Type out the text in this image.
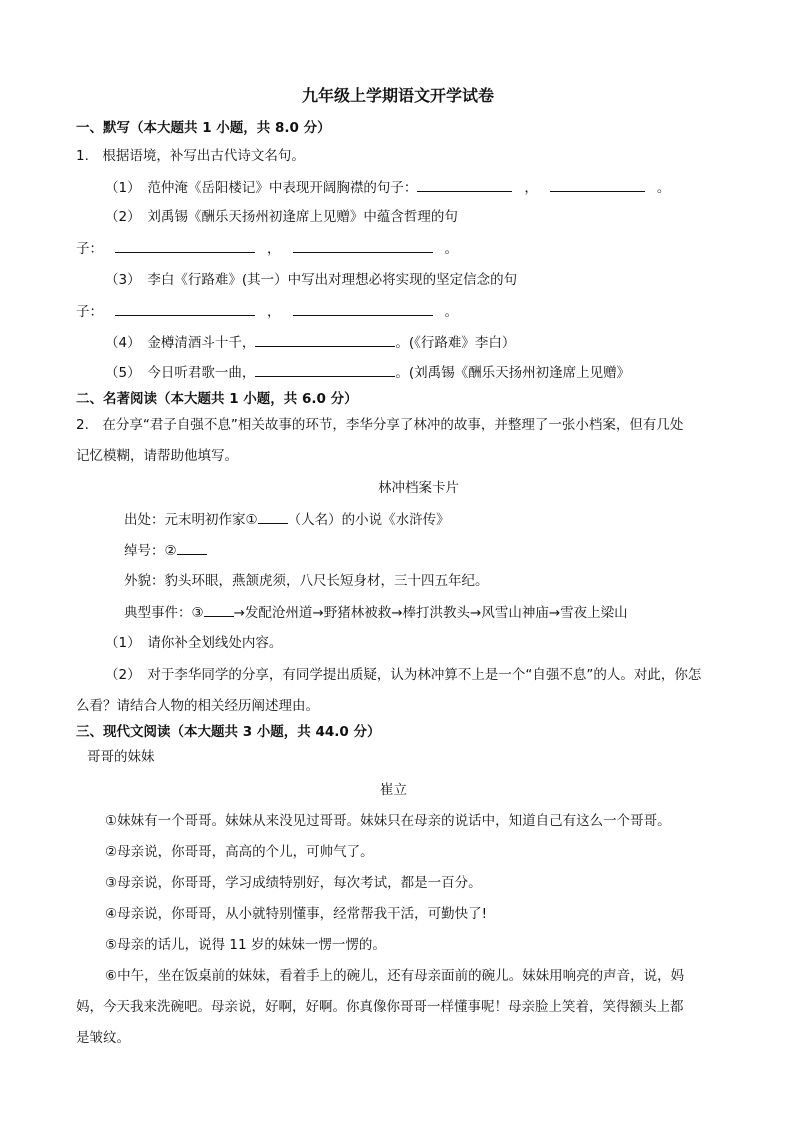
九年级上学期语文开学试卷
一、默写（本大题共 1 小题，共 8.0 分）
1.　根据语境，补写出古代诗文名句。
（1）　范仲淹《岳阳楼记》中表现开阔胸襟的句子：	，	。
（2）　刘禹锡《酬乐天扬州初逢席上见赠》中蕴含哲理的句
子：	，	。
（3）　李白《行路难》(其一）中写出对理想必将实现的坚定信念的句
子：	，	。
（4）　金樽清酒斗十千，	。(《行路难》李白）
（5）　今日听君歌一曲，	。(刘禹锡《酬乐天扬州初逢席上见赠》
二、名著阅读（本大题共 1 小题，共 6.0 分）
2.　在分享“君子自强不息”相关故事的环节，李华分享了林冲的故事，并整理了一张小档案，但有几处
记忆模糊，请帮助他填写。
林冲档案卡片
出处：元末明初作家① （人名）的小说《水浒传》
绰号：②
外貌：豹头环眼，燕颔虎须，八尺长短身材，三十四五年纪。
典型事件：③ →发配沧州道→野猪林被救→棒打洪教头→风雪山神庙→雪夜上梁山
（1）　请你补全划线处内容。
（2）　对于李华同学的分享，有同学提出质疑，认为林冲算不上是一个“自强不息”的人。对此，你怎
么看？请结合人物的相关经历阐述理由。
三、现代文阅读（本大题共 3 小题，共 44.0 分）
哥哥的妹妹
崔立
①妹妹有一个哥哥。妹妹从来没见过哥哥。妹妹只在母亲的说话中，知道自己有这么一个哥哥。
②母亲说，你哥哥，高高的个儿，可帅气了。
③母亲说，你哥哥，学习成绩特别好，每次考试，都是一百分。
④母亲说，你哥哥，从小就特别懂事，经常帮我干活，可勤快了!
⑤母亲的话儿，说得 11 岁的妹妹一愣一愣的。
⑥中午，坐在饭桌前的妹妹，看着手上的碗儿，还有母亲面前的碗儿。妹妹用响亮的声音，说，妈
妈，今天我来洗碗吧。母亲说，好啊，好啊。你真像你哥哥一样懂事呢！母亲脸上笑着，笑得额头上都
是皱纹。
